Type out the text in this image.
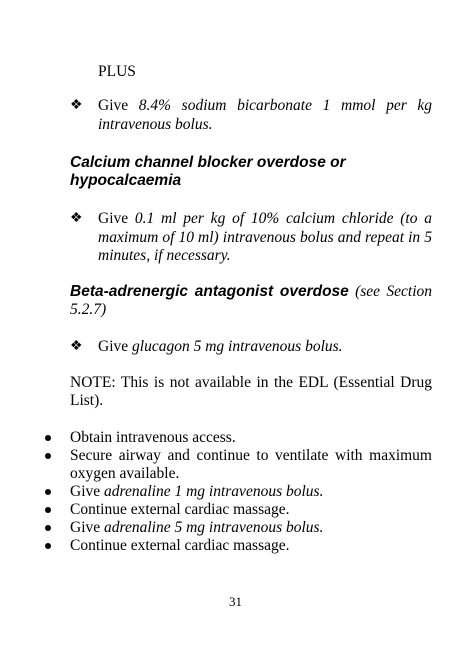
PLUS
❖ Give 8.4% sodium bicarbonate 1 mmol per kg
intravenous bolus.
Calcium channel blocker overdose or
hypocalcaemia
❖ Give 0.1 ml per kg of 10% calcium chloride (to a
maximum of 10 ml) intravenous bolus and repeat in 5
minutes, if necessary.
Beta-adrenergic antagonist overdose (see Section
5.2.7)
❖ Give glucagon 5 mg intravenous bolus.
NOTE: This is not available in the EDL (Essential Drug
List).
Obtain intravenous access.
Secure airway and continue to ventilate with maximum
oxygen available.
Give adrenaline 1 mg intravenous bolus.
Continue external cardiac massage.
Give adrenaline 5 mg intravenous bolus.
Continue external cardiac massage.
31
